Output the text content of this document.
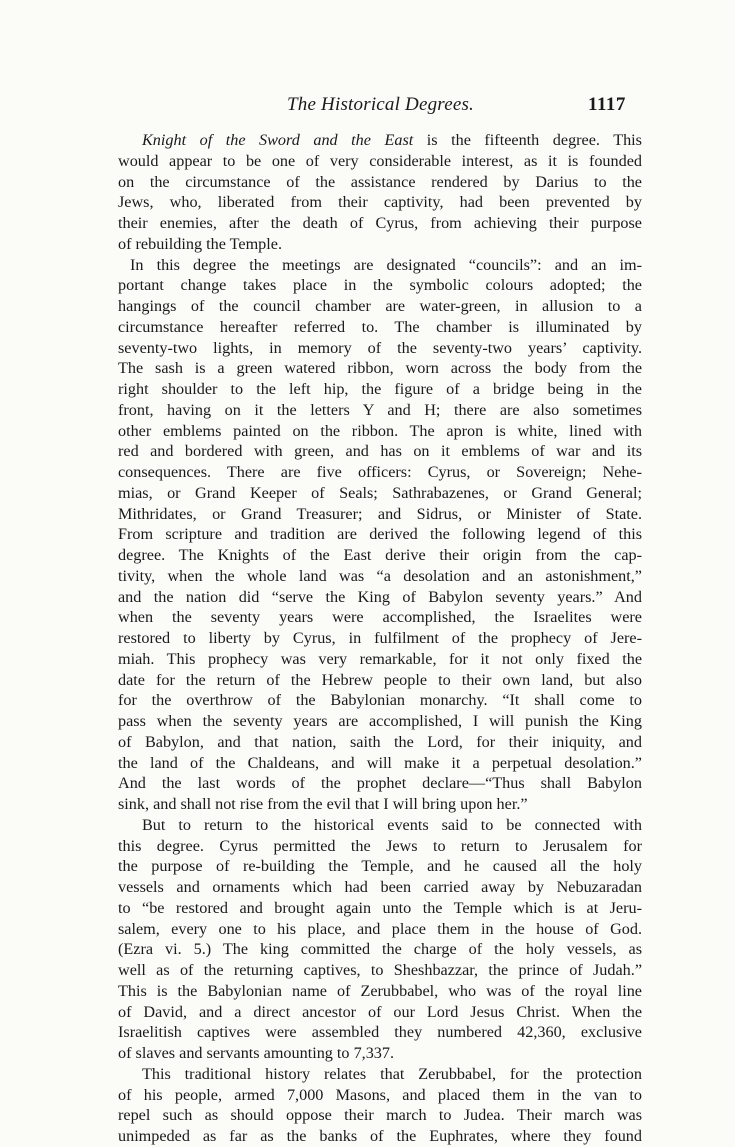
The Historical Degrees.	1117
Knight of the Sword and the East is the fifteenth degree. This
would appear to be one of very considerable interest, as it is founded
on the circumstance of the assistance rendered by Darius to the
Jews, who, liberated from their captivity, had been prevented by
their enemies, after the death of Cyrus, from achieving their purpose
of rebuilding the Temple.
In this degree the meetings are designated “councils”: and an im-
portant change takes place in the symbolic colours adopted; the
hangings of the council chamber are water-green, in allusion to a
circumstance hereafter referred to. The chamber is illuminated by
seventy-two lights, in memory of the seventy-two years’ captivity.
The sash is a green watered ribbon, worn across the body from the
right shoulder to the left hip, the figure of a bridge being in the
front, having on it the letters Y and H; there are also sometimes
other emblems painted on the ribbon. The apron is white, lined with
red and bordered with green, and has on it emblems of war and its
consequences. There are five officers: Cyrus, or Sovereign; Nehe-
mias, or Grand Keeper of Seals; Sathrabazenes, or Grand General;
Mithridates, or Grand Treasurer; and Sidrus, or Minister of State.
From scripture and tradition are derived the following legend of this
degree. The Knights of the East derive their origin from the cap-
tivity, when the whole land was “a desolation and an astonishment,”
and the nation did “serve the King of Babylon seventy years.” And
when the seventy years were accomplished, the Israelites were
restored to liberty by Cyrus, in fulfilment of the prophecy of Jere-
miah. This prophecy was very remarkable, for it not only fixed the
date for the return of the Hebrew people to their own land, but also
for the overthrow of the Babylonian monarchy. “It shall come to
pass when the seventy years are accomplished, I will punish the King
of Babylon, and that nation, saith the Lord, for their iniquity, and
the land of the Chaldeans, and will make it a perpetual desolation.”
And the last words of the prophet declare—“Thus shall Babylon
sink, and shall not rise from the evil that I will bring upon her.”
But to return to the historical events said to be connected with
this degree. Cyrus permitted the Jews to return to Jerusalem for
the purpose of re-building the Temple, and he caused all the holy
vessels and ornaments which had been carried away by Nebuzaradan
to “be restored and brought again unto the Temple which is at Jeru-
salem, every one to his place, and place them in the house of God.
(Ezra vi. 5.) The king committed the charge of the holy vessels, as
well as of the returning captives, to Sheshbazzar, the prince of Judah.”
This is the Babylonian name of Zerubbabel, who was of the royal line
of David, and a direct ancestor of our Lord Jesus Christ. When the
Israelitish captives were assembled they numbered 42,360, exclusive
of slaves and servants amounting to 7,337.
This traditional history relates that Zerubbabel, for the protection
of his people, armed 7,000 Masons, and placed them in the van to
repel such as should oppose their march to Judea. Their march was
unimpeded as far as the banks of the Euphrates, where they found
